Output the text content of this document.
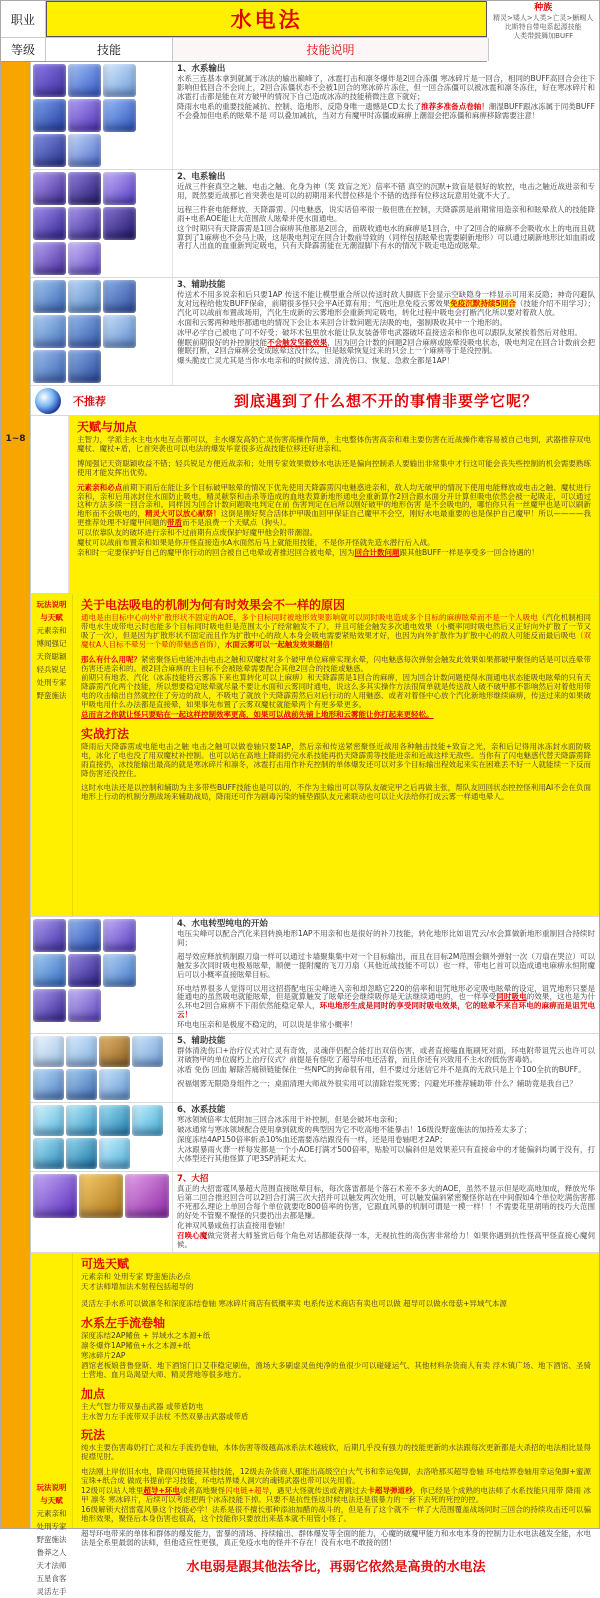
职业	水电法	种族
精灵>矮人>人类>亡灵>蜥蜴人
比斯特自带电系起源技能
人类带鼓舞加BUFF
等级	技能	技能说明
1~8
1、水系输出
水系三连基本拿到就属于冰法的输出巅峰了，冰雹打击和凛冬爆炸是2回合冻僵 寒冰碎片是一回合，相同的BUFF高回合会往下影响但低回合不会向上，2回合冻僵状态不会被1回合的寒冰碎片冻住，但一回合冻僵可以被冰雹和凛冬冻住，好在寒冰碎片和冰雹打击都是能在对方破甲的情况下自己造成冰冻的技能稍微注意下就好；
降雨水电系的重要技能减抗、控制、造地形、反隐身唯一遗憾是CD太长了推荐多准备点卷轴！潮湿BUFF跟冰冻属于同类BUFF不会叠加但电系的眩晕不是 可以叠加减抗，当对方有魔甲时冻僵或麻痹上潮湿会把冻僵和麻痹移除需要注意！
2、电系输出
近战三件套真空之触、电击之触、化身为神（笑 致盲之光）倍率不错 真空的沉默+致盲是很好的软控，电击之触近战进亲和专用，既然要近战那匕首突袭也是可以的初期用来代替位移是个不错的选择有位移这玩意用处就不大了。
远程三件套电能释放、天降霹雳、闪电魅惑，说实话倍率很一般但胜在控制，天降霹雳是前期常用造亲和和眩晕敌人的技能降雨+电系AOE能让大范围敌人眩晕并使水面通电。
这个时期只有天降霹雳是1回合麻痹其他都是2回合，而吸收通电水的麻痹是1回合，中了2回合的麻痹不会吸收水上的电而且就算到了1麻痹也不会马上吸，这是吸电判定在回合计数前导致的（同样包括眩晕也需要刷新地形）可以通过刷新地形比如血雨或者打人出血的血重新判定吸电，只有天降霹雳能在无潮湿脚下有水的情况下吸走电造成眩晕。
3、辅助技能
传送术不用多说亲和后只要1AP 传送不能让模型重合所以传送时敌人脚底下会显示空缺隐身一样显示可用来反隐；神奇闪避队友对远程给他发BUFF保命，前期很多怪只会平A还算有用；气泡吐息免疫云雾效果免疫沉默持续5回合（技能介绍不用学习）；汽化可以战前布置战场用，汽化生成新的云雾地形会重新判定吸电，转化过程中吸电会打断汽化所以要对着敌人放。
水面和云雾两种地形都通电的情况下会让本来回合计数问题无法吸的电，强制吸收其中一个地形的。
冰甲必学自己被电了可不好受；破坏术包里放水能让队友装备带电武器破坏直接送亲和你也可以跟队友紧挨着然后对他用。
催眠前期很好的补控制技能不会触发坚毅效果，因为回合计数的问题2回合麻痹或眩晕没吸电状态，吸电判定在回合计数前会把催眠打断，2回合麻痹会变成眩晕这没什么，但是眩晕恢复过来的只会上一个麻痹等于是没控制。
爆头脆皮亡灵尤其是当你水电亲和的时候传送、清洗伤口、恢复、急救全都是1AP！
不推荐	到底遇到了什么想不开的事情非要学它呢？
天赋与加点
主智力，学派主水主电水电互点都可以，主水爆发高奶亡灵伤害高操作简单，主电整体伤害高亲和难主要伤害在近战操作难容易被自己电到，武器推荐双电魔杖、魔杖+盾，匕首突袭也可以电法的爆发毕竟很多近战技能位移还好进亲和。
博闻强记天资聪颖收益不错；轻兵锐足方便近战亲和；处刑专家效果微妙水电法还是偏向控制杀人要输出非常集中才行这可能会丧失些控制的机会需要熟练使用才能发挥出优势。
元素亲和必点前期下雨后在能让多个目标破甲眩晕的情况下优先使用天降霹雳闪电魅惑进亲和，敌人均无破甲的情况下使用电能释放或电击之触、魔杖进行亲和，亲和后用冰封住水面防止吸电，精灵献祭和击杀等造成的血地表算新地形通电会重新算作2回合跟水面分开计算但吸电依然会被一起吸走，可以通过这种方法多续一回合亲和。同样因为回合计数问题吸电判定在前 伤害判定在后所以刚好破甲的地形伤害 是不会吸电的，哪怕你只有一丝魔甲也是可以刷新地形而不会吸电的，精灵大可以放心献祭！这倒是刚好契合活体护甲吸血回甲保证自己魔甲不会空，刚好水电最重要的也是保护自己魔甲！所以————我更推荐处理不好魔甲问题的带盾而不是浪费一个天赋点（狗头）。
可以依靠队友的破坏进行亲和不过前期有点废保护好魔甲他会附带潮湿。
魔杖可以战前布置亲和如果是你开怪直接造水A水面然后马上就能用技能，不是你开怪就先造水潜行后入战。
亲和时一定要保护好自己的魔甲你行动的回合被自己电晕或者推迟回合被电晕，因为回合计数问题跟其他BUFF一样是享受多一回合待遇的！
玩法说明
与天赋
元素亲和
博闻强记
天资聪颖
轻兵锐足
处刑专家
野蛮施法
关于电法吸电的机制为何有时效果会不一样的原因
通电是由目标中心向外扩散形状不固定的AOE，多个目标同时被地形效果影响就可以同时吸电造成多个目标的麻痹眩晕而不是一个人吸电（汽化机制相同带电水生成带电云时也能多个目标同时吸电但是范围太小了经常触发不了），并且可能会触发多次通电效果（小概率同时吸电然后又正好向外扩散了一节又吸了一次），但是因为扩散形状不固定而且作为扩散中心的敌人本身会吸电需要紧贴效果才好，也因为向外扩散作为扩散中心的敌人可能反而最后吸电（双魔杖A人目标不晕另一个晕的带魅惑首饰），水面云雾可以一起触发效果翻倍！
那么有什么用呢？紧密聚怪后电能冲击电击之触和双魔杖对多个破甲单位麻痹实现永晕，闪电魅惑每次弹射会触发此效果如果都破甲聚怪的话是可以连晕带伤害还进亲和的。被2回合麻痹的主目标不会被眩晕需要配合其他2回合的技能或魅惑。
前期只有地表、汽化（冰冻技能将云雾冻下来也算转化可以上麻痹）和天降霹雳是1回合的麻痹，因为回合计数问题使得水面通电状态能吸电眩晕的只有天降霹雳汽化两个技能，所以想要稳定眩晕就尽量不要让水面和云雾同时通电，说这么多其实操作方法很简单就是传送敌人破不破甲都不影响然后对着他用带电的攻击输出自然就控住了旁边的敌人，不吸电了就放个天降霹雳然后对后行动的人用魅惑、或者对着怪中心放个汽化新地形继续麻痹，传送过来的如果破甲吸电用什么办法都是直接晕，如果事先布置了云雾双魔杖就能晕两个有更多晕更多。
总而言之你就让怪只要贴在一起这样控制效率更高，如果可以战前先铺上地形和云雾能让你打起来更轻松。
实战打法
降雨后天降霹雳或电能电击之触 电击之触可以做卷轴只要1AP，然后亲和传送紧密聚怪近战用各种触击技能+致盲之光，亲和后记得用冰冻封水面防吸电，冰化了电也没了用双魔杖补控制。也可以站在高地上降雨扔完水系技能再扔天降霹雳等技能进亲和近战这样无敌些。当你有了闪电魅惑代替天降霹雳降雨直接扔，冰技能输出最高的就是寒冰碎片和凛冬，冰雹打击用作补充控制的单体爆发还可以对多个目标输出程效起来实在困难丢不好一人就能续一下反而降伤害还没控住。
这时水电法还是以控制和辅助为主多带些BUFF技能也是可以的，不作为主输出可以等队友破完甲之后再做主张，帮队友回回状态控控怪利用AI不会在负面地形上行动的机制分割战场来辅助战局，降雨还可作为剧毒污染的铺垫跟队友元素联动也可以让火法给你打成云雾一样通电晕人。
4、水电转型纯电的开始
电压尖峰可以配合汽化来回转换地形1AP不用亲和也是很好的补刀技能，转化地形比如诅咒云/水会算做新地形重制回合持续时间；
超导效应释放机制跟刀扇一样可以通过卡墙聚集集中对一个目标输出，而且在目标2M范围会额外弹射一次（刀扇在哭泣）可以触发多次同时吸电极易眩晕，顺便一提附魔的飞刀刀扇（其他近战技能不可以）也一样，带电匕首可以造成通电麻痹永恒附魔后可以小概率直接眩晕目标。
环电结界很多人觉得可以用这招搭配电压尖峰进入亲和却忽略它220的倍率和诅咒地形必定吸电眩晕的设定，诅咒地形只要是能通电的虽然吸电就能眩晕，但是就算触发了眩晕还会继续吸你是无法继续通电的，也一样享受同时吸电的效果，这也是为什么环电2回合麻痹不下雨依然能稳定晕人，环电地形生成是同时的享受同时吸电效果，它的眩晕不来自环电的麻痹而是诅咒电云！
环电电压亲和是极度不稳定的，可以说是非常小概率！
5、辅助技能
群体清洗伤口+治疗仪式对亡灵有奇效，灵魂伴侣配合能打出双倍伤害，或者直接嗑血瓶刷死对面，环电附带诅咒云也许可以对破物甲的单位腐朽上治疗仪式？前提是有怪吃了超导环电还活着，而且你还有兴致用不主水的低伤害毒奶。
冰盾 免伤 回血 解除苦痛锁链能保住一些NPC的狗命很有用，但不要过分迷信它并不是真的无敌只是上个100全抗的BUFF。
祝福烟雾无限隐身组件之一；桌面清理大师战外很实用可以清除岩浆死雾；闪避光环推荐辅助带 什么？辅助竟是我自己？
6、冰系技能
寒冰领域倍率太低附加三回合冰冻用于补控制，但是会破坏电亲和；
破冰通常与寒冰领域配合使用拿到就废的典型因为它不吃高地不能暴击！16级没野蛮施法的加持差太多了；
深度冻结4AP150倍率斩杀10%血还需要冻结跟没有一样，还是用卷轴吧才2AP；
大冰跟暴雨火葬一样每发都是一个小AOE打满才500倍率，贴脸可以偏斜但是效果差只有直接命中的才能偏斜均属于没有，打大体型还行其他怪算了吧3SP消耗太大。
7、大招
真正的大招雷霆风暴超大范围直接眩晕目标，每次落雷都是个落石术差不多大的AOE，虽然不显示但是吃高地加成，释放光华后第二回合推迟回合可以2回合打满三次大招并可以触发两次处刑，可以触发偏斜紧密聚怪你站在中间假如4个单位吃满伤害都不死那么理论上单回合每个单位就要吃800倍率的伤害，它跟血风暴的机制可谓是一模一样！！不需要花里胡哨的技巧大范围的好处不管聚不聚怪的只要扔出去都是赚。
化神双风暴咸鱼打法直接用卷轴！
召唤心魔做完贤者大师鉴赏后每个角色对话都能获得一本，无视抗性的高伤害非常给力！如果你遇到抗性怪高甲怪直接心魔伺候。
玩法说明
与天赋
元素亲和
处刑专家
野蛮施法
鲁莽之人
天才法师
五星食客
灵活左手
可选天赋
元素亲和 处刑专家 野蛮施法必点
天才法师增加法术射程包括超导的
灵活左手水系可以做凛冬和深度冻结卷轴 寒冰碎片商店有低概率卖 电系传送术商店有卖也可以做 超导可以做水母菇+异域气本源
水系左手流卷轴
深度冻结2AP鳍鱼 + 异域水之本源+纸
凛冬爆炸1AP鳍鱼+水之本源+纸
寒冰碎片2AP
酒馆老板娘普鲁登斯、地下酒馆门口艾菲稳定刷鱼，渔场大多刷虚灵鱼纯净的鱼很少可以碰碰运气、其他材料杂货商人有卖 浮木镇广场、地下酒馆、圣骑士营地、血月岛渴望大师、精灵营地等很多地方。
加点
主大气智力带双暴击武器 或带盾防电
主水智力左手流带双手法杖 不然双暴击武器或带盾
玩法
纯水主要伤害毒奶打亡灵和左手流扔卷轴，本体伤害等级越高冰系法术越疲软，后期几乎没有强力的技能更新的水法跟每次更新都是大杀招的电法相比显得捉襟见肘。
电法刚上岸依旧水电，降雨闪电链接其他技能，12级去杂货商人那能出高级空白大气书和幸运兔脚，去洛哈那买超导卷轴 环电结界卷轴用幸运兔脚+蜜源宝珠+纸合成 做成书提前学习技能，环电结界矮人洞穴的魂铸武器也带可以先用着。
12级可以站人堆里超导+环电或者高地聚怪闪电链+超导，遇见大怪就传送或者跳过去卡超导弹道秒，你已经是个成熟的电法师了水系技能只用带 降雨 冰甲 凛冬 寒冰碎片，后续可以考虑把两个冰冻技能下掉。只要不是抗性怪这时候电法还是很暴力的一套下去死的死控的控。
16级解锁大招雷霆风暴这个技能必学！法系是很不擅长那种添油加醋的战斗的，但是有了这个就不一样了大范围覆盖战场同时三回合的持续攻击还可以骗地形效果，聚怪后本身伤害也很高，这个技能你只要放出来基本就不用管小怪了。
超导环电带来的单体和群体的爆发能力，雷暴的清场、持续输出、群体爆发等全面的能力，心魔的破魔甲能力和水电本身的控制力让水电法越发全能，水电法是全系里最弱的法师，但他适应性更强，真正免疫水电的怪并不存在！没有水电不敢接的团！
水电弱是跟其他法爷比，再弱它依然是高贵的水电法
